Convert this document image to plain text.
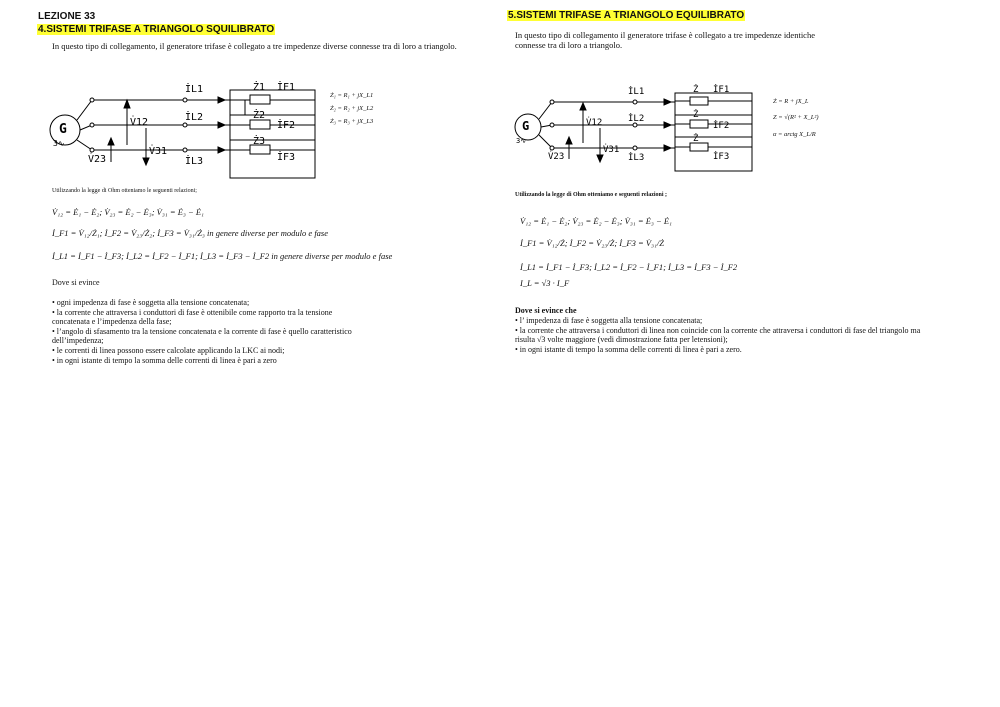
LEZIONE 33
4.SISTEMI TRIFASE A TRIANGOLO SQUILIBRATO
In questo tipo di collegamento, il generatore trifase è collegato a tre impedenze diverse connesse tra di loro a triangolo.
G
3∿
İL1
İL2
İL3
V̇12
V̇23
V̇31
Ż1
Ż2
Ż3
İF1
İF2
İF3
Ż₁ = R₁ + jX_L1
Ż₂ = R₂ + jX_L2
Ż₃ = R₃ + jX_L3
Utilizzando la legge di Ohm otteniamo le seguenti relazioni;
V̇₁₂ = Ė₁ − Ė₂; V̇₂₃ = Ė₂ − Ė₃; V̇₃₁ = Ė₃ − Ė₁
İ_F1 = V̇₁₂/Ż₁; İ_F2 = V̇₂₃/Ż₂; İ_F3 = V̇₃₁/Ż₃ in genere diverse per modulo e fase
İ_L1 = İ_F1 − İ_F3; İ_L2 = İ_F2 − İ_F1; İ_L3 = İ_F3 − İ_F2 in genere diverse per modulo e fase
Dove si evince
• ogni impedenza di fase è soggetta alla tensione concatenata;
• la corrente che attraversa i conduttori di fase è ottenibile come rapporto tra la tensione
concatenata e l’impedenza della fase;
• l’angolo di sfasamento tra la tensione concatenata e la corrente di fase è quello caratteristico
dell’impedenza;
• le correnti di linea possono essere calcolate applicando la LKC ai nodi;
• in ogni istante di tempo la somma delle correnti di linea è pari a zero
5.SISTEMI TRIFASE A TRIANGOLO EQUILIBRATO
In questo tipo di collegamento il generatore trifase è collegato a tre impedenze identiche
connesse tra di loro a triangolo.
G
3∿
İL1
İL2
İL3
V̇12
V̇23
V̇31
Ż
Ż
Ż
İF1
İF2
İF3
Ż = R + jX_L
Z = √(R² + X_L²)
α = arctg X_L/R
Utilizzando la legge di Ohm otteniamo e seguenti relazioni ;
V̇₁₂ = Ė₁ − Ė₂; V̇₂₃ = Ė₂ − Ė₃; V̇₃₁ = Ė₃ − Ė₁
İ_F1 = V̇₁₂/Ż; İ_F2 = V̇₂₃/Ż; İ_F3 = V̇₃₁/Ż
İ_L1 = İ_F1 − İ_F3; İ_L2 = İ_F2 − İ_F1; İ_L3 = İ_F3 − İ_F2
I_L = √3 · I_F
Dove si evince che
• l’ impedenza di fase è soggetta alla tensione concatenata;
• la corrente che attraversa i conduttori di linea non coincide con la corrente che attraversa i conduttori di fase del triangolo ma
risulta √3 volte maggiore (vedi dimostrazione fatta per letensioni);
• in ogni istante di tempo la somma delle correnti di linea è pari a zero.
